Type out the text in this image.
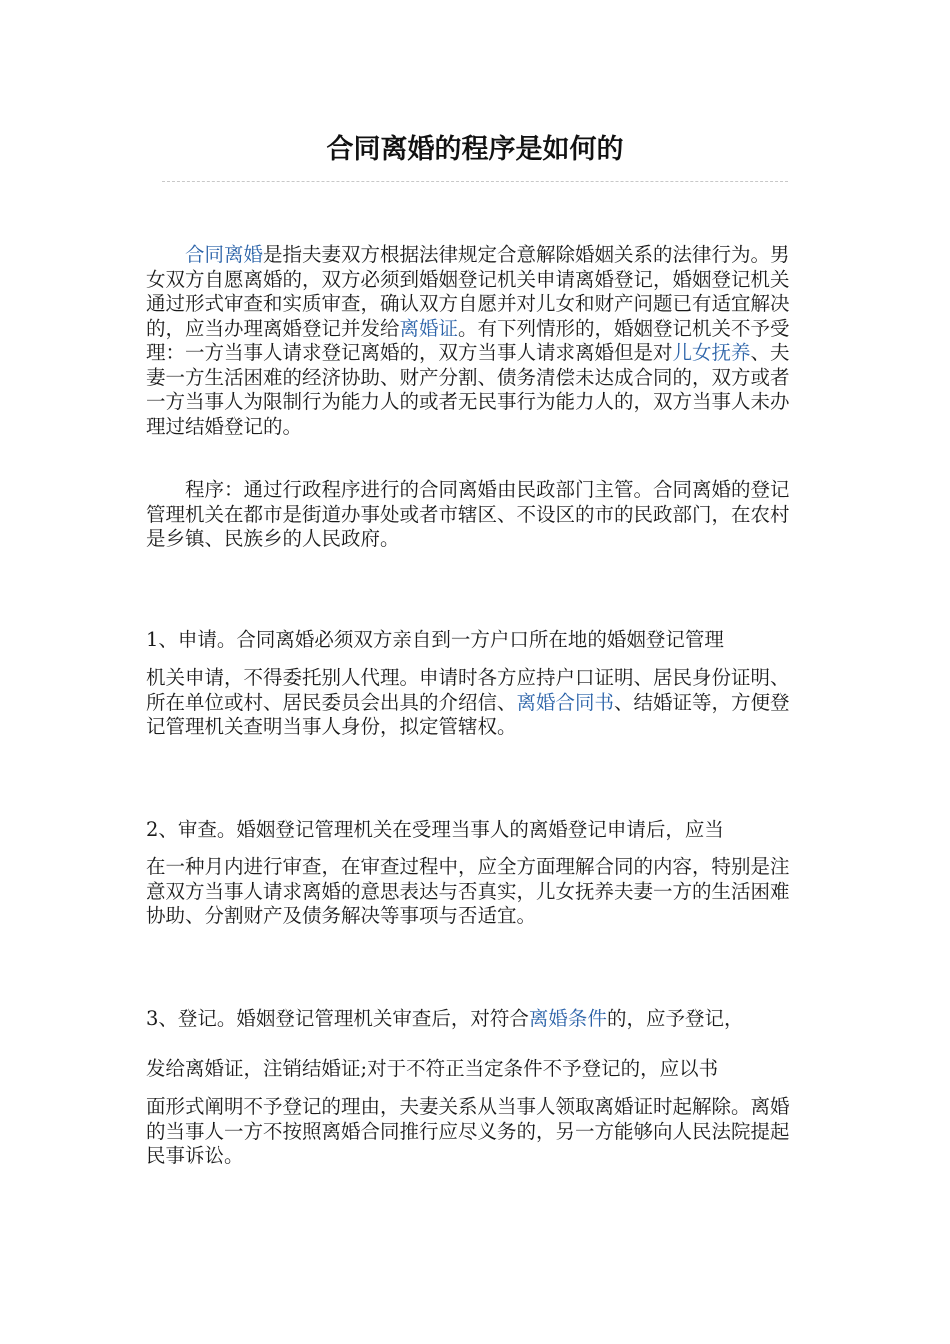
合同离婚的程序是如何的

合同离婚是指夫妻双方根据法律规定合意解除婚姻关系的法律行为。男女双方自愿离婚的，双方必须到婚姻登记机关申请离婚登记，婚姻登记机关通过形式审查和实质审查，确认双方自愿并对儿女和财产问题已有适宜解决的，应当办理离婚登记并发给离婚证。有下列情形的，婚姻登记机关不予受理：一方当事人请求登记离婚的，双方当事人请求离婚但是对儿女抚养、夫妻一方生活困难的经济协助、财产分割、债务清偿未达成合同的，双方或者一方当事人为限制行为能力人的或者无民事行为能力人的，双方当事人未办理过结婚登记的。

程序：通过行政程序进行的合同离婚由民政部门主管。合同离婚的登记管理机关在都市是街道办事处或者市辖区、不设区的市的民政部门，在农村是乡镇、民族乡的人民政府。

1、申请。合同离婚必须双方亲自到一方户口所在地的婚姻登记管理

机关申请，不得委托别人代理。申请时各方应持户口证明、居民身份证明、所在单位或村、居民委员会出具的介绍信、离婚合同书、结婚证等，方便登记管理机关查明当事人身份，拟定管辖权。

2、审查。婚姻登记管理机关在受理当事人的离婚登记申请后，应当

在一种月内进行审查，在审查过程中，应全方面理解合同的内容，特别是注意双方当事人请求离婚的意思表达与否真实，儿女抚养夫妻一方的生活困难协助、分割财产及债务解决等事项与否适宜。

3、登记。婚姻登记管理机关审查后，对符合离婚条件的，应予登记，
发给离婚证，注销结婚证;对于不符正当定条件不予登记的，应以书

面形式阐明不予登记的理由，夫妻关系从当事人领取离婚证时起解除。离婚的当事人一方不按照离婚合同推行应尽义务的，另一方能够向人民法院提起民事诉讼。
